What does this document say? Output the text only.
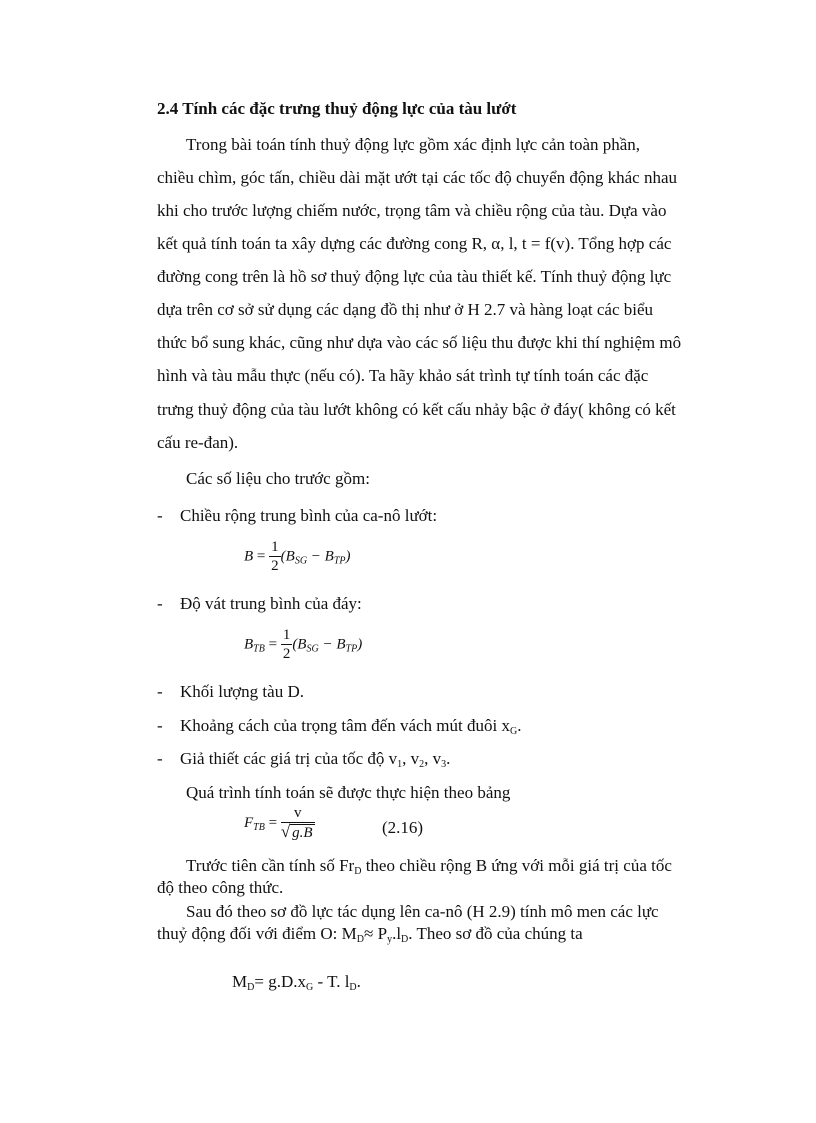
2.4 Tính các đặc trưng thuỷ động lực của tàu lướt
Trong bài toán tính thuỷ động lực gồm xác định lực cản toàn phần,
chiều chìm, góc tấn, chiều dài mặt ướt tại các tốc độ chuyển động khác nhau
khi cho trước lượng chiếm nước, trọng tâm và chiều rộng của tàu. Dựa vào
kết quả tính toán ta xây dựng các đường cong R, α, l, t = f(v). Tổng hợp các
đường cong trên là hồ sơ thuỷ động lực của tàu thiết kế. Tính thuỷ động lực
dựa trên cơ sở sử dụng các dạng đồ thị như ở H 2.7 và hàng loạt các biểu
thức bổ sung khác, cũng như dựa vào các số liệu thu được khi thí nghiệm mô
hình và tàu mẫu thực (nếu có). Ta hãy khảo sát trình tự tính toán các đặc
trưng thuỷ động của tàu lướt không có kết cấu nhảy bậc ở đáy( không có kết
cấu re-đan).
Các số liệu cho trước gồm:
- Chiều rộng trung bình của ca-nô lướt:
$B = \frac{1}{2} (B_{SG} - B_{TP})$
- Độ vát trung bình của đáy:
$B_{TB} = \frac{1}{2} (B_{SG} - B_{TP})$
- Khối lượng tàu D.
- Khoảng cách của trọng tâm đến vách mút đuôi $x_G$.
- Giả thiết các giá trị của tốc độ $v_1$, $v_2$, $v_3$.
Quá trình tính toán sẽ được thực hiện theo bảng
$F_{TB} = \frac{v}{√ g.B}$	(2.16)
Trước tiên cần tính số $Fr_D$ theo chiều rộng B ứng với mỗi giá trị của tốc
độ theo công thức.
Sau đó theo sơ đồ lực tác dụng lên ca-nô (H 2.9) tính mô men các lực
thuỷ động đối với điểm O: $M_D\approx P_y.l_D$. Theo sơ đồ của chúng ta
$M_D= g.D.x_G - T$. $l_D$.
